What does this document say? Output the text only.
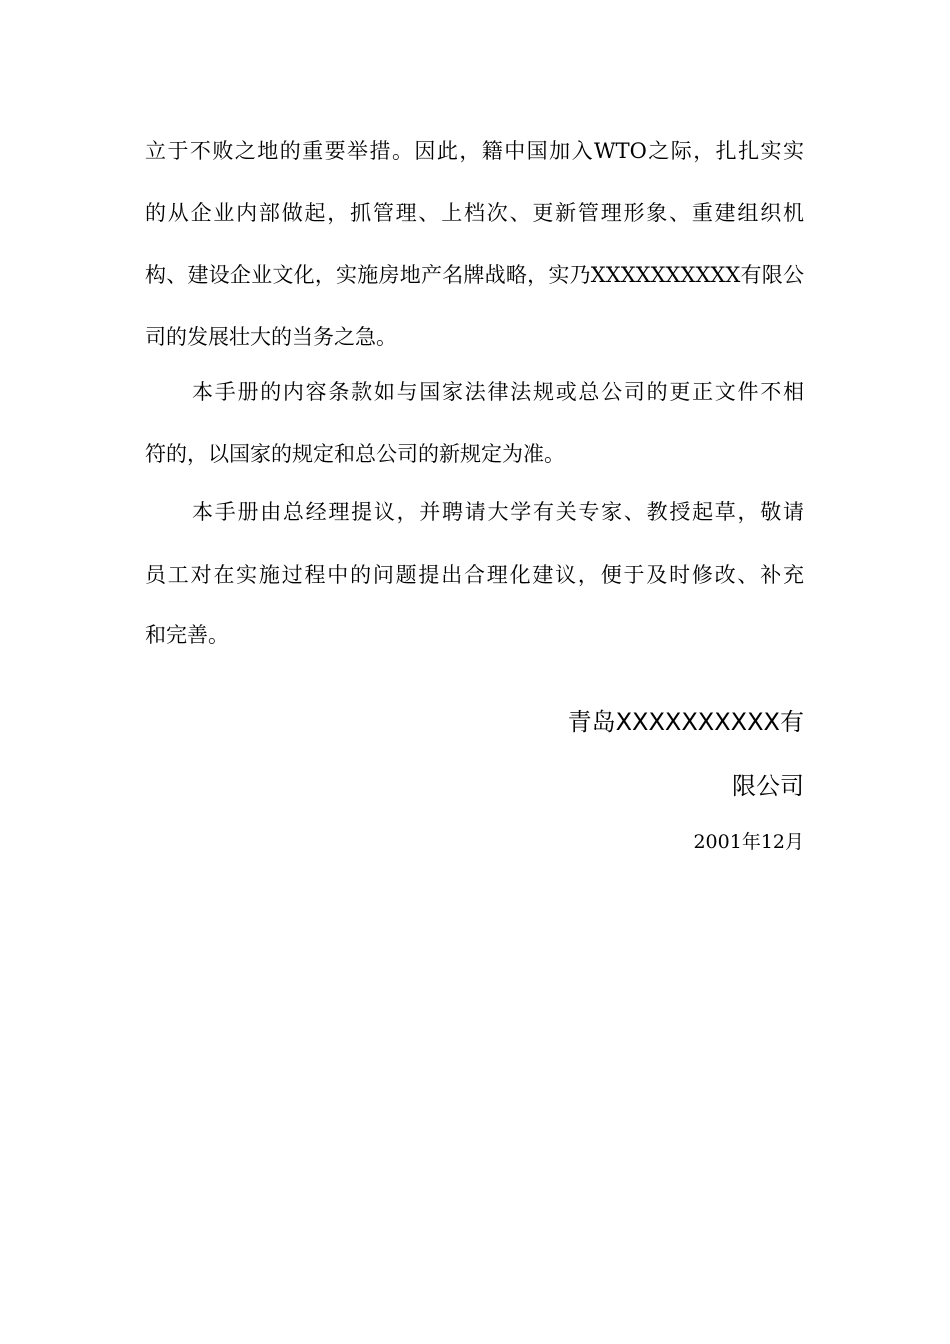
立于不败之地的重要举措。因此，籍中国加入WTO之际，扎扎实实
的从企业内部做起，抓管理、上档次、更新管理形象、重建组织机
构、建设企业文化，实施房地产名牌战略，实乃XXXXXXXXXX有限公
司的发展壮大的当务之急。
本手册的内容条款如与国家法律法规或总公司的更正文件不相
符的，以国家的规定和总公司的新规定为准。
本手册由总经理提议，并聘请大学有关专家、教授起草，敬请
员工对在实施过程中的问题提出合理化建议，便于及时修改、补充
和完善。
青岛XXXXXXXXXX有
限公司
2001年12月
